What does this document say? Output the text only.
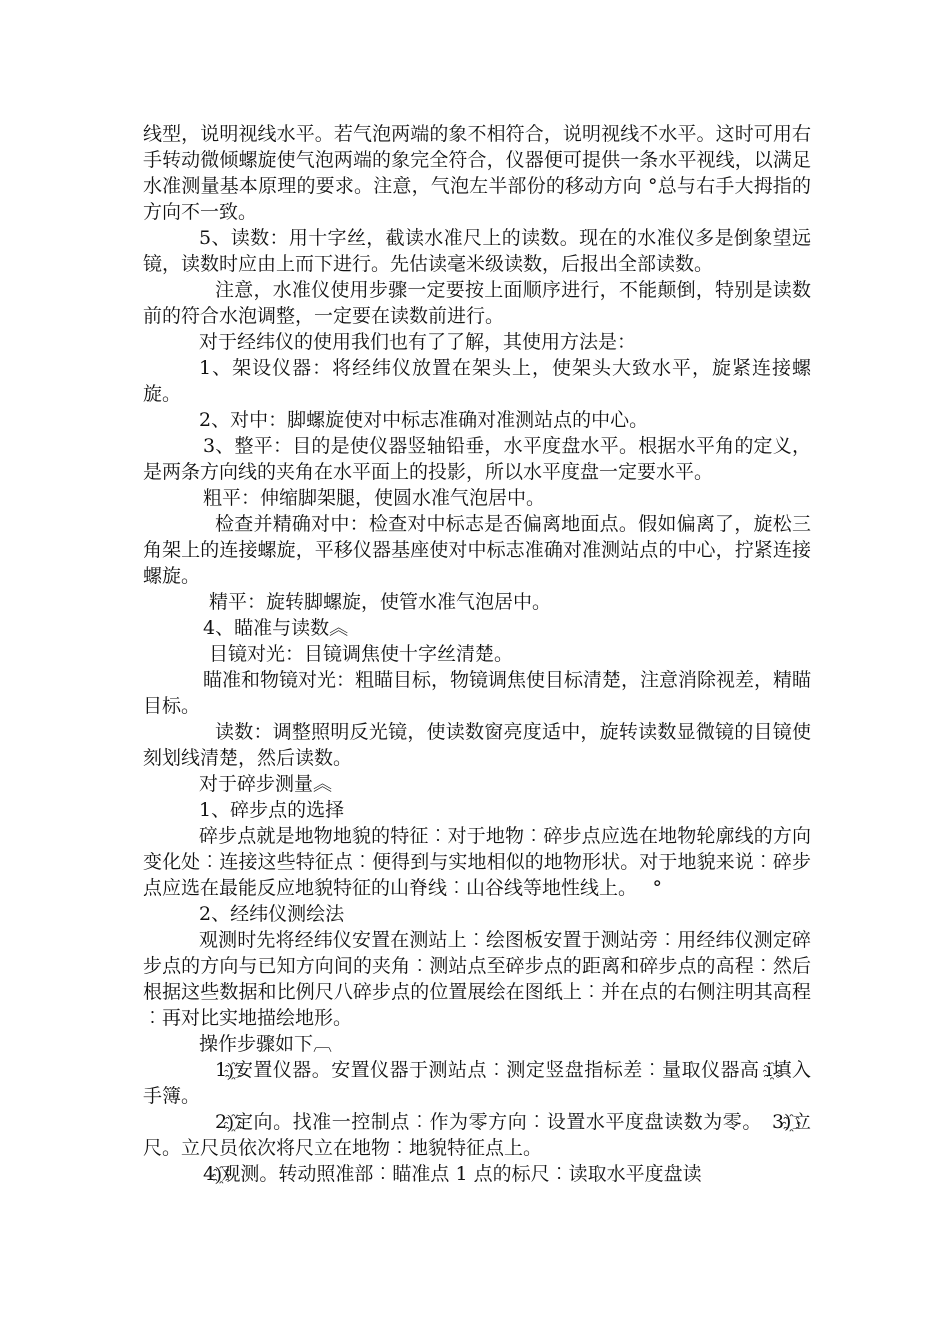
线型，说明视线水平。若气泡两端的象不相符合，说明视线不水平。这时可用右手转动微倾螺旋使气泡两端的象完全符合，仪器便可提供一条水平视线，以满足水准测量基本原理的要求。注意，气泡左半部份的移动方向 °总与右手大拇指的方向不一致。

5、读数：用十字丝，截读水准尺上的读数。现在的水准仪多是倒象望远镜，读数时应由上而下进行。先估读毫米级读数，后报出全部读数。

注意，水准仪使用步骤一定要按上面顺序进行，不能颠倒，特别是读数前的符合水泡调整，一定要在读数前进行。

对于经纬仪的使用我们也有了了解，其使用方法是：

1、架设仪器：将经纬仪放置在架头上，使架头大致水平，旋紧连接螺旋。

2、对中：脚螺旋使对中标志准确对准测站点的中心。

3、整平：目的是使仪器竖轴铅垂，水平度盘水平。根据水平角的定义，是两条方向线的夹角在水平面上的投影，所以水平度盘一定要水平。

粗平：伸缩脚架腿，使圆水准气泡居中。

检查并精确对中：检查对中标志是否偏离地面点。假如偏离了，旋松三角架上的连接螺旋，平移仪器基座使对中标志准确对准测站点的中心，拧紧连接螺旋。

精平：旋转脚螺旋，使管水准气泡居中。

4、瞄准与读数︽

目镜对光：目镜调焦使十字丝清楚。

瞄准和物镜对光：粗瞄目标，物镜调焦使目标清楚，注意消除视差，精瞄目标。

读数：调整照明反光镜，使读数窗亮度适中，旋转读数显微镜的目镜使刻划线清楚，然后读数。

对于碎步测量︽

1、碎步点的选择

碎步点就是地物地貌的特征︰对于地物︰碎步点应选在地物轮廓线的方向变化处︰连接这些特征点︰便得到与实地相似的地物形状。对于地貌来说︰碎步点应选在最能反应地貌特征的山脊线︰山谷线等地性线上。　 °

2、经纬仪测绘法

观测时先将经纬仪安置在测站上︰绘图板安置于测站旁︰用经纬仪测定碎步点的方向与已知方向间的夹角︰测站点至碎步点的距离和碎步点的高程︰然后根据这些数据和比例尺八碎步点的位置展绘在图纸上︰并在点的右侧注明其高程︰再对比实地描绘地形。

操作步骤如下︹

1)҈安置仪器。安置仪器于测站点︰测定竖盘指标差︰量取仪器高 i҈填入手簿。

2)҈定向。找准一控制点︰作为零方向︰设置水平度盘读数为零。　3)҈立尺。立尺员依次将尺立在地物︰地貌特征点上。

4)҈观测。转动照准部︰瞄准点 1 点的标尺︰读取水平度盘读
